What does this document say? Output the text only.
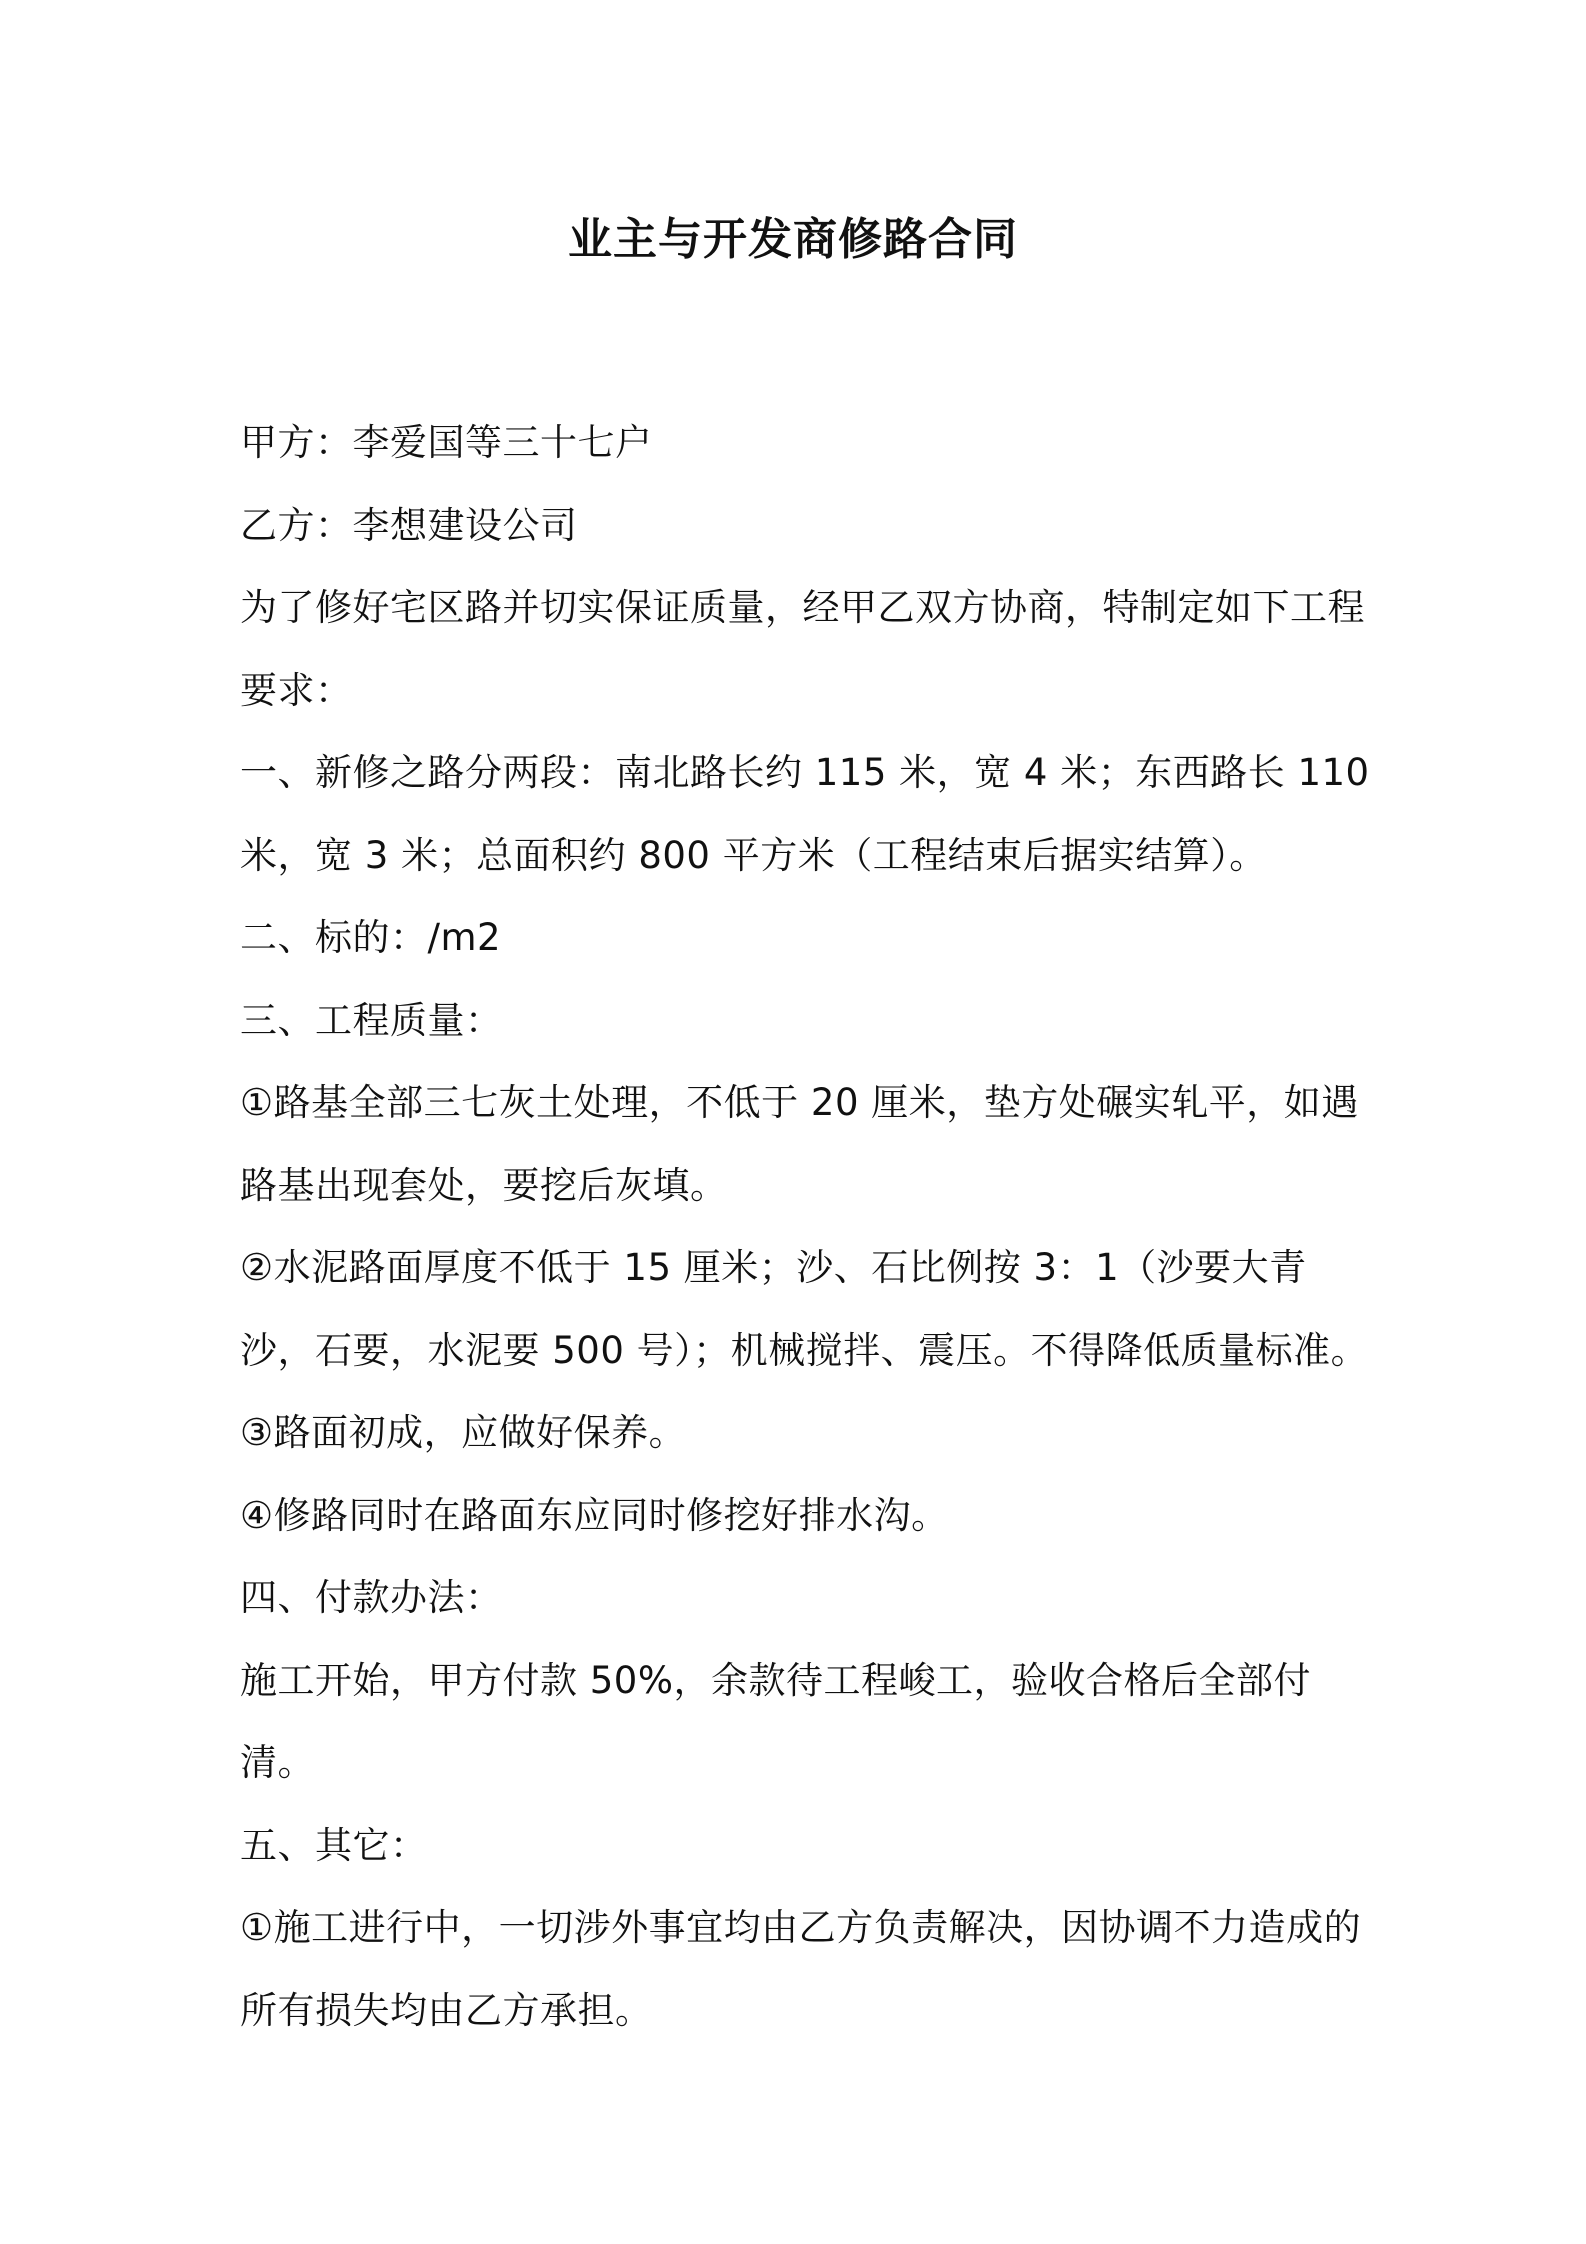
业主与开发商修路合同

甲方：李爱国等三十七户

乙方：李想建设公司

为了修好宅区路并切实保证质量，经甲乙双方协商，特制定如下工程要求：

一、新修之路分两段：南北路长约 115 米，宽 4 米；东西路长 110 米，宽 3 米；总面积约 800 平方米（工程结束后据实结算）。

二、标的：/m2

三、工程质量：

①路基全部三七灰土处理，不低于 20 厘米，垫方处碾实轧平，如遇路基出现套处，要挖后灰填。

②水泥路面厚度不低于 15 厘米；沙、石比例按 3：1（沙要大青沙，石要，水泥要 500 号）；机械搅拌、震压。不得降低质量标准。

③路面初成，应做好保养。

④修路同时在路面东应同时修挖好排水沟。

四、付款办法：

施工开始，甲方付款 50%，余款待工程峻工，验收合格后全部付清。

五、其它：

①施工进行中，一切涉外事宜均由乙方负责解决，因协调不力造成的所有损失均由乙方承担。
